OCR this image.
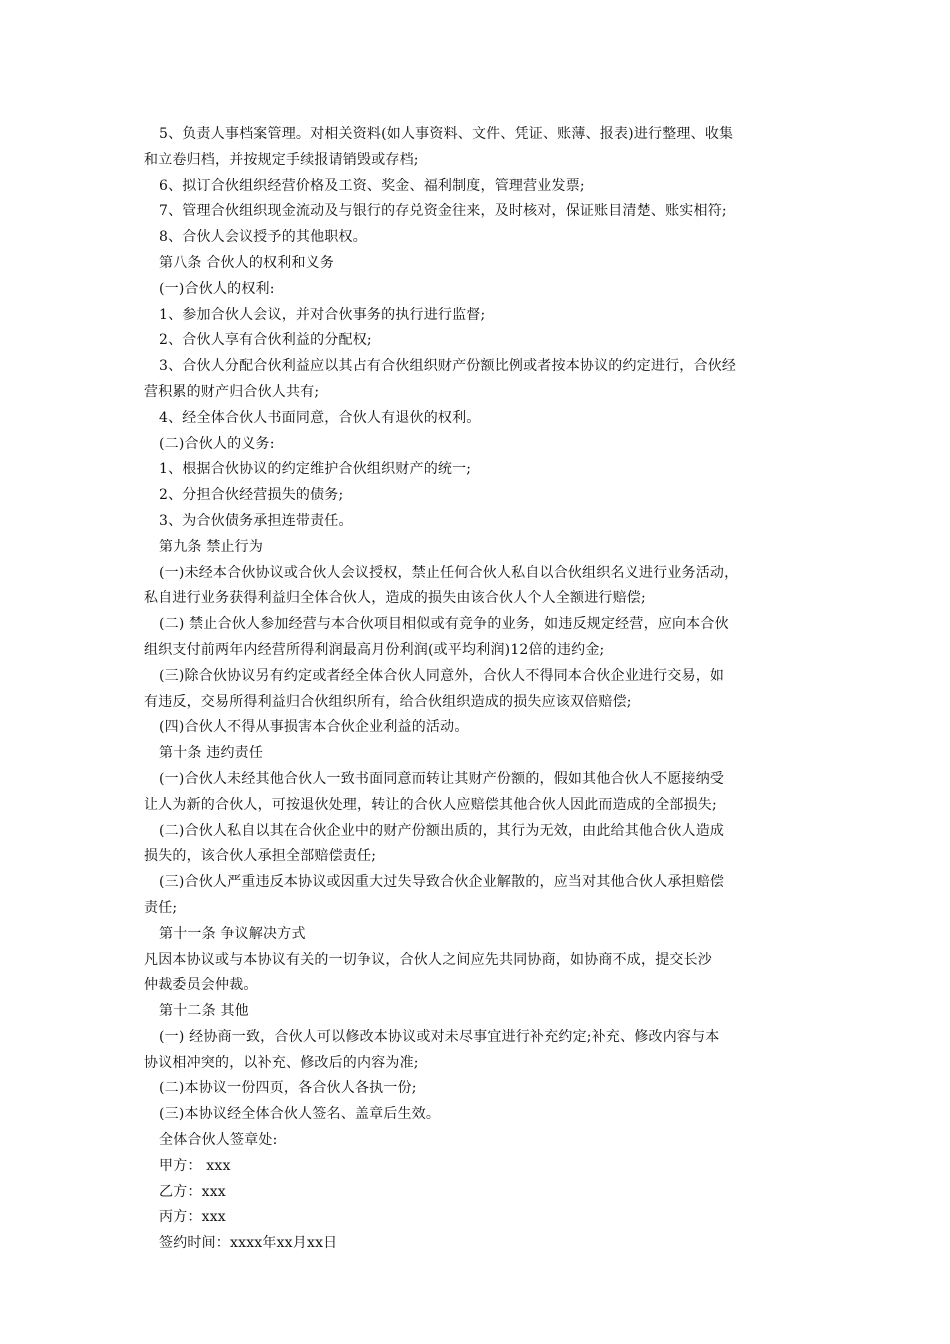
5、负责人事档案管理。对相关资料(如人事资料、文件、凭证、账薄、报表)进行整理、收集
和立卷归档，并按规定手续报请销毁或存档;
6、拟订合伙组织经营价格及工资、奖金、福利制度，管理营业发票;
7、管理合伙组织现金流动及与银行的存兑资金往来，及时核对，保证账目清楚、账实相符;
8、合伙人会议授予的其他职权。
第八条 合伙人的权利和义务
(一)合伙人的权利:
1、参加合伙人会议，并对合伙事务的执行进行监督;
2、合伙人享有合伙利益的分配权;
3、合伙人分配合伙利益应以其占有合伙组织财产份额比例或者按本协议的约定进行，合伙经
营积累的财产归合伙人共有;
4、经全体合伙人书面同意，合伙人有退伙的权利。
(二)合伙人的义务:
1、根据合伙协议的约定维护合伙组织财产的统一;
2、分担合伙经营损失的债务;
3、为合伙债务承担连带责任。
第九条 禁止行为
(一)未经本合伙协议或合伙人会议授权，禁止任何合伙人私自以合伙组织名义进行业务活动，
私自进行业务获得利益归全体合伙人，造成的损失由该合伙人个人全额进行赔偿;
(二) 禁止合伙人参加经营与本合伙项目相似或有竞争的业务，如违反规定经营，应向本合伙
组织支付前两年内经营所得利润最高月份利润(或平均利润)12倍的违约金;
(三)除合伙协议另有约定或者经全体合伙人同意外，合伙人不得同本合伙企业进行交易，如
有违反，交易所得利益归合伙组织所有，给合伙组织造成的损失应该双倍赔偿;
(四)合伙人不得从事损害本合伙企业利益的活动。
第十条 违约责任
(一)合伙人未经其他合伙人一致书面同意而转让其财产份额的，假如其他合伙人不愿接纳受
让人为新的合伙人，可按退伙处理，转让的合伙人应赔偿其他合伙人因此而造成的全部损失;
(二)合伙人私自以其在合伙企业中的财产份额出质的，其行为无效，由此给其他合伙人造成
损失的，该合伙人承担全部赔偿责任;
(三)合伙人严重违反本协议或因重大过失导致合伙企业解散的，应当对其他合伙人承担赔偿
责任;
第十一条 争议解决方式
凡因本协议或与本协议有关的一切争议，合伙人之间应先共同协商，如协商不成，提交长沙
仲裁委员会仲裁。
第十二条 其他
(一) 经协商一致，合伙人可以修改本协议或对未尽事宜进行补充约定;补充、修改内容与本
协议相冲突的，以补充、修改后的内容为准;
(二)本协议一份四页，各合伙人各执一份;
(三)本协议经全体合伙人签名、盖章后生效。
全体合伙人签章处:
甲方： xxx
乙方：xxx
丙方：xxx
签约时间：xxxx年xx月xx日
